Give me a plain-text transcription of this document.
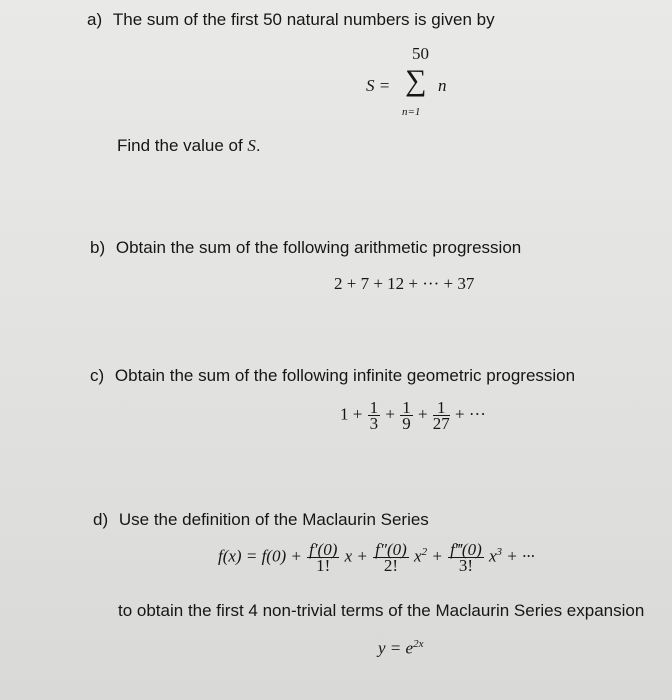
a) The sum of the first 50 natural numbers is given by
50
S = ∑ n
n=1
Find the value of S.
b) Obtain the sum of the following arithmetic progression
2 + 7 + 12 + ··· + 37
c) Obtain the sum of the following infinite geometric progression
$1 + \frac{1}{3} + \frac{1}{9} + \frac{1}{27}$ + ···
d) Use the definition of the Maclaurin Series
$f(x) = f(0) + \frac{f'(0)}{1!}$ $x + \frac{f''(0)}{2!} x^2 + \frac{f‴(0)}{3!} x^3$ + ···
to obtain the first 4 non-trivial terms of the Maclaurin Series expansion
$y = e^{2x}$
